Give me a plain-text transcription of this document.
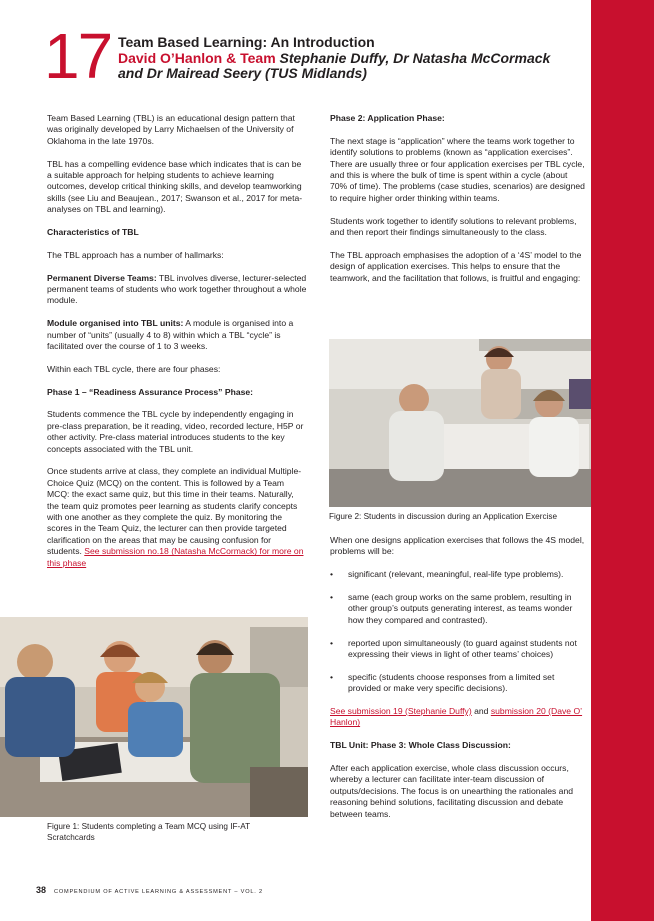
17 Team Based Learning: An Introduction
David O’Hanlon & Team Stephanie Duffy, Dr Natasha McCormack and Dr Mairead Seery (TUS Midlands)

Team Based Learning (TBL) is an educational design pattern that was originally developed by Larry Michaelsen of the University of Oklahoma in the late 1970s.

TBL has a compelling evidence base which indicates that is can be a suitable approach for helping students to achieve learning outcomes, develop critical thinking skills, and develop teamworking skills (see Liu and Beaujean., 2017; Swanson et al., 2017 for meta-analyses on TBL and learning).

Characteristics of TBL

The TBL approach has a number of hallmarks:

Permanent Diverse Teams: TBL involves diverse, lecturer-selected permanent teams of students who work together throughout a whole module.

Module organised into TBL units: A module is organised into a number of “units” (usually 4 to 8) within which a TBL “cycle” is facilitated over the course of 1 to 3 weeks.

Within each TBL cycle, there are four phases:

Phase 1 – “Readiness Assurance Process” Phase:

Students commence the TBL cycle by independently engaging in pre-class preparation, be it reading, video, recorded lecture, H5P or other activity. Pre-class material introduces students to the key concepts associated with the TBL unit.

Once students arrive at class, they complete an individual Multiple-Choice Quiz (MCQ) on the content. This is followed by a Team MCQ: the exact same quiz, but this time in their teams. Naturally, the team quiz promotes peer learning as students clarify concepts with one another as they complete the quiz. By monitoring the scores in the Team Quiz, the lecturer can then provide targeted clarification on the areas that may be causing confusion for students. See submission no.18 (Natasha McCormack) for more on this phase

Figure 1: Students completing a Team MCQ using IF-AT Scratchcards

Phase 2: Application Phase:

The next stage is “application” where the teams work together to identify solutions to problems (known as “application exercises”. There are usually three or four application exercises per TBL cycle, and this is where the bulk of time is spent within a cycle (about 70% of time). The problems (case studies, scenarios) are designed to require higher order thinking within teams.

Students work together to identify solutions to relevant problems, and then report their findings simultaneously to the class.

The TBL approach emphasises the adoption of a ‘4S’ model to the design of application exercises. This helps to ensure that the teamwork, and the facilitation that follows, is fruitful and engaging:

Figure 2: Students in discussion during an Application Exercise

When one designs application exercises that follows the 4S model, problems will be:

• significant (relevant, meaningful, real-life type problems).
• same (each group works on the same problem, resulting in other group’s outputs generating interest, as teams wonder how they compared and contrasted).
• reported upon simultaneously (to guard against students not expressing their views in light of other teams’ choices)
• specific (students choose responses from a limited set provided or make very specific decisions).

See submission 19 (Stephanie Duffy) and submission 20 (Dave O’ Hanlon)

TBL Unit: Phase 3: Whole Class Discussion:

After each application exercise, whole class discussion occurs, whereby a lecturer can facilitate inter-team discussion of outputs/decisions. The focus is on unearthing the rationales and reasoning behind solutions, facilitating discussion and debate between teams.

38 COMPENDIUM OF ACTIVE LEARNING & ASSESSMENT – VOL. 2
